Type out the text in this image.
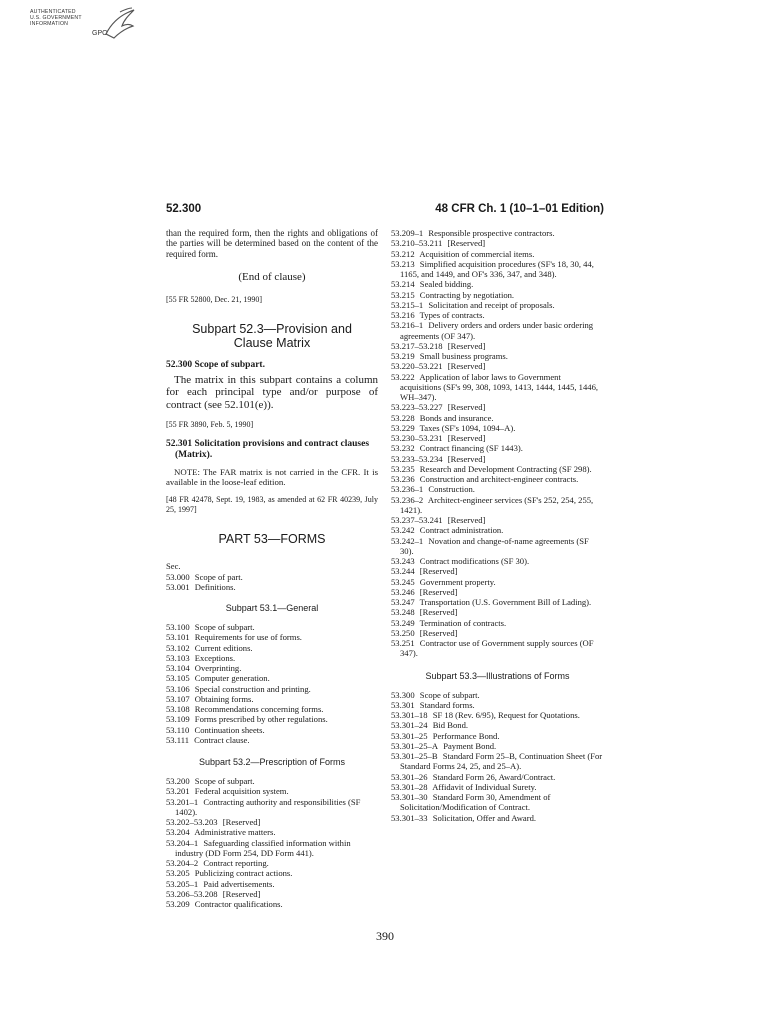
AUTHENTICATED
U.S. GOVERNMENT
INFORMATION
GPO
52.300	48 CFR Ch. 1 (10–1–01 Edition)

than the required form, then the rights and obligations of the parties will be determined based on the content of the required form.

(End of clause)

[55 FR 52800, Dec. 21, 1990]

Subpart 52.3—Provision and

Clause Matrix

52.300 Scope of subpart.

The matrix in this subpart contains a column for each principal type and/or purpose of contract (see 52.101(e)).

[55 FR 3890, Feb. 5, 1990]

52.301 Solicitation provisions and contract clauses (Matrix).

NOTE: The FAR matrix is not carried in the CFR. It is available in the loose-leaf edition.

[48 FR 42478, Sept. 19, 1983, as amended at 62 FR 40239, July 25, 1997]

PART 53—FORMS

Sec.

53.000 Scope of part.

53.001 Definitions.

Subpart 53.1—General

53.100 Scope of subpart.

53.101 Requirements for use of forms.

53.102 Current editions.

53.103 Exceptions.

53.104 Overprinting.

53.105 Computer generation.

53.106 Special construction and printing.

53.107 Obtaining forms.

53.108 Recommendations concerning forms.

53.109 Forms prescribed by other regulations.

53.110 Continuation sheets.

53.111 Contract clause.

Subpart 53.2—Prescription of Forms

53.200 Scope of subpart.

53.201 Federal acquisition system.

53.201–1 Contracting authority and responsibilities (SF 1402).

53.202–53.203 [Reserved]

53.204 Administrative matters.

53.204–1 Safeguarding classified information within industry (DD Form 254, DD Form 441).

53.204–2 Contract reporting.

53.205 Publicizing contract actions.

53.205–1 Paid advertisements.

53.206–53.208 [Reserved]

53.209 Contractor qualifications.

53.209–1 Responsible prospective contractors.

53.210–53.211 [Reserved]

53.212 Acquisition of commercial items.

53.213 Simplified acquisition procedures (SF's 18, 30, 44, 1165, and 1449, and OF's 336, 347, and 348).

53.214 Sealed bidding.

53.215 Contracting by negotiation.

53.215–1 Solicitation and receipt of proposals.

53.216 Types of contracts.

53.216–1 Delivery orders and orders under basic ordering agreements (OF 347).

53.217–53.218 [Reserved]

53.219 Small business programs.

53.220–53.221 [Reserved]

53.222 Application of labor laws to Government acquisitions (SF's 99, 308, 1093, 1413, 1444, 1445, 1446, WH–347).

53.223–53.227 [Reserved]

53.228 Bonds and insurance.

53.229 Taxes (SF's 1094, 1094–A).

53.230–53.231 [Reserved]

53.232 Contract financing (SF 1443).

53.233–53.234 [Reserved]

53.235 Research and Development Contracting (SF 298).

53.236 Construction and architect-engineer contracts.

53.236–1 Construction.

53.236–2 Architect-engineer services (SF's 252, 254, 255, 1421).

53.237–53.241 [Reserved]

53.242 Contract administration.

53.242–1 Novation and change-of-name agreements (SF 30).

53.243 Contract modifications (SF 30).

53.244 [Reserved]

53.245 Government property.

53.246 [Reserved]

53.247 Transportation (U.S. Government Bill of Lading).

53.248 [Reserved]

53.249 Termination of contracts.

53.250 [Reserved]

53.251 Contractor use of Government supply sources (OF 347).

Subpart 53.3—Illustrations of Forms

53.300 Scope of subpart.

53.301 Standard forms.

53.301–18 SF 18 (Rev. 6/95), Request for Quotations.

53.301–24 Bid Bond.

53.301–25 Performance Bond.

53.301–25–A Payment Bond.

53.301–25–B Standard Form 25–B, Continuation Sheet (For Standard Forms 24, 25, and 25–A).

53.301–26 Standard Form 26, Award/Contract.

53.301–28 Affidavit of Individual Surety.

53.301–30 Standard Form 30, Amendment of Solicitation/Modification of Contract.

53.301–33 Solicitation, Offer and Award.

390
